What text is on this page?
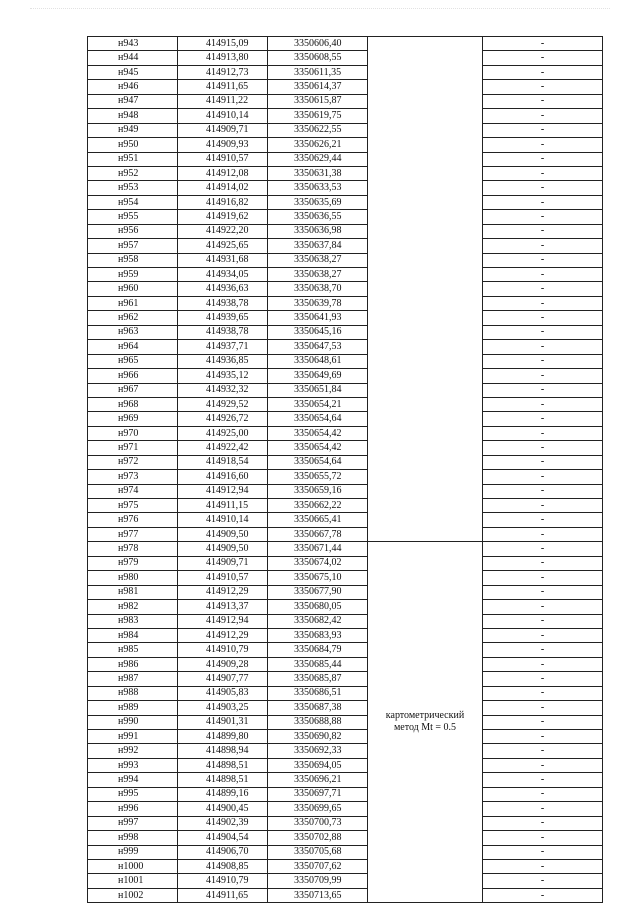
н943	414915,09	3350606,40		-
н944	414913,80	3350608,55		-
н945	414912,73	3350611,35		-
н946	414911,65	3350614,37		-
н947	414911,22	3350615,87		-
н948	414910,14	3350619,75		-
н949	414909,71	3350622,55		-
н950	414909,93	3350626,21		-
н951	414910,57	3350629,44		-
н952	414912,08	3350631,38		-
н953	414914,02	3350633,53		-
н954	414916,82	3350635,69		-
н955	414919,62	3350636,55		-
н956	414922,20	3350636,98		-
н957	414925,65	3350637,84		-
н958	414931,68	3350638,27		-
н959	414934,05	3350638,27		-
н960	414936,63	3350638,70		-
н961	414938,78	3350639,78		-
н962	414939,65	3350641,93		-
н963	414938,78	3350645,16		-
н964	414937,71	3350647,53		-
н965	414936,85	3350648,61		-
н966	414935,12	3350649,69		-
н967	414932,32	3350651,84		-
н968	414929,52	3350654,21		-
н969	414926,72	3350654,64		-
н970	414925,00	3350654,42		-
н971	414922,42	3350654,42		-
н972	414918,54	3350654,64		-
н973	414916,60	3350655,72		-
н974	414912,94	3350659,16		-
н975	414911,15	3350662,22		-
н976	414910,14	3350665,41		-
н977	414909,50	3350667,78		-
н978	414909,50	3350671,44	картометрический метод Mt = 0.5	-
н979	414909,71	3350674,02		-
н980	414910,57	3350675,10		-
н981	414912,29	3350677,90		-
н982	414913,37	3350680,05		-
н983	414912,94	3350682,42		-
н984	414912,29	3350683,93		-
н985	414910,79	3350684,79		-
н986	414909,28	3350685,44		-
н987	414907,77	3350685,87		-
н988	414905,83	3350686,51		-
н989	414903,25	3350687,38		-
н990	414901,31	3350688,88		-
н991	414899,80	3350690,82		-
н992	414898,94	3350692,33		-
н993	414898,51	3350694,05		-
н994	414898,51	3350696,21		-
н995	414899,16	3350697,71		-
н996	414900,45	3350699,65		-
н997	414902,39	3350700,73		-
н998	414904,54	3350702,88		-
н999	414906,70	3350705,68		-
н1000	414908,85	3350707,62		-
н1001	414910,79	3350709,99		-
н1002	414911,65	3350713,65		-
